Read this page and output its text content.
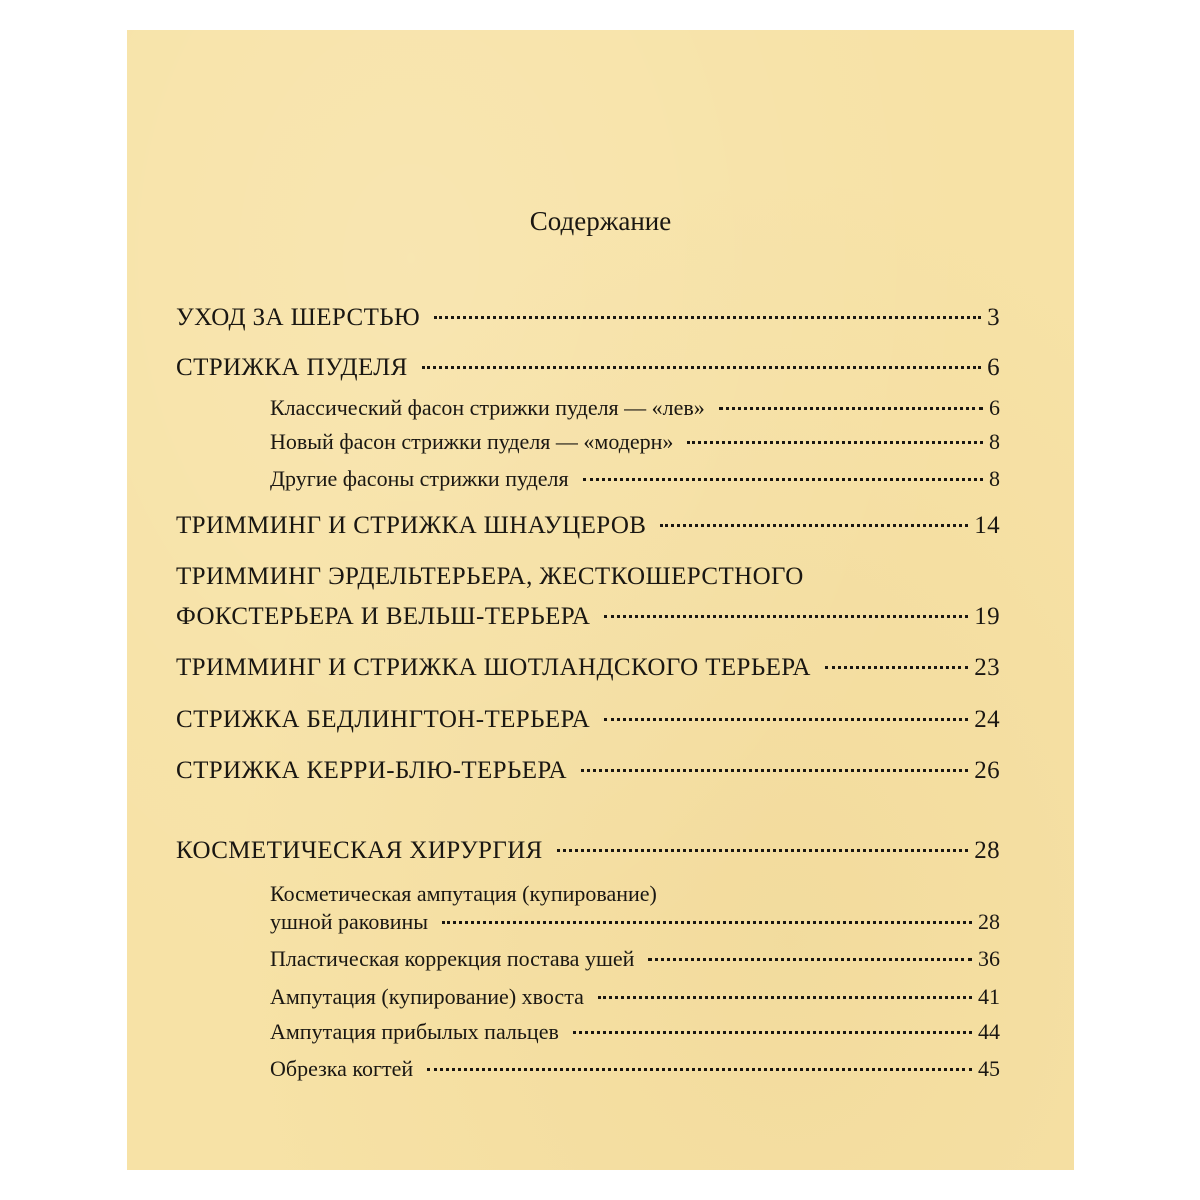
Содержание
УХОД ЗА ШЕРСТЬЮ	3
СТРИЖКА ПУДЕЛЯ	6
Классический фасон стрижки пуделя — «лев»	6
Новый фасон стрижки пуделя — «модерн»	8
Другие фасоны стрижки пуделя	8
ТРИММИНГ И СТРИЖКА ШНАУЦЕРОВ	14
ТРИММИНГ ЭРДЕЛЬТЕРЬЕРА, ЖЕСТКОШЕРСТНОГО
ФОКСТЕРЬЕРА И ВЕЛЬШ-ТЕРЬЕРА	19
ТРИММИНГ И СТРИЖКА ШОТЛАНДСКОГО ТЕРЬЕРА	23
СТРИЖКА БЕДЛИНГТОН-ТЕРЬЕРА	24
СТРИЖКА КЕРРИ-БЛЮ-ТЕРЬЕРА	26
КОСМЕТИЧЕСКАЯ ХИРУРГИЯ	28
Косметическая ампутация (купирование)
ушной раковины	28
Пластическая коррекция постава ушей	36
Ампутация (купирование) хвоста	41
Ампутация прибылых пальцев	44
Обрезка когтей	45
